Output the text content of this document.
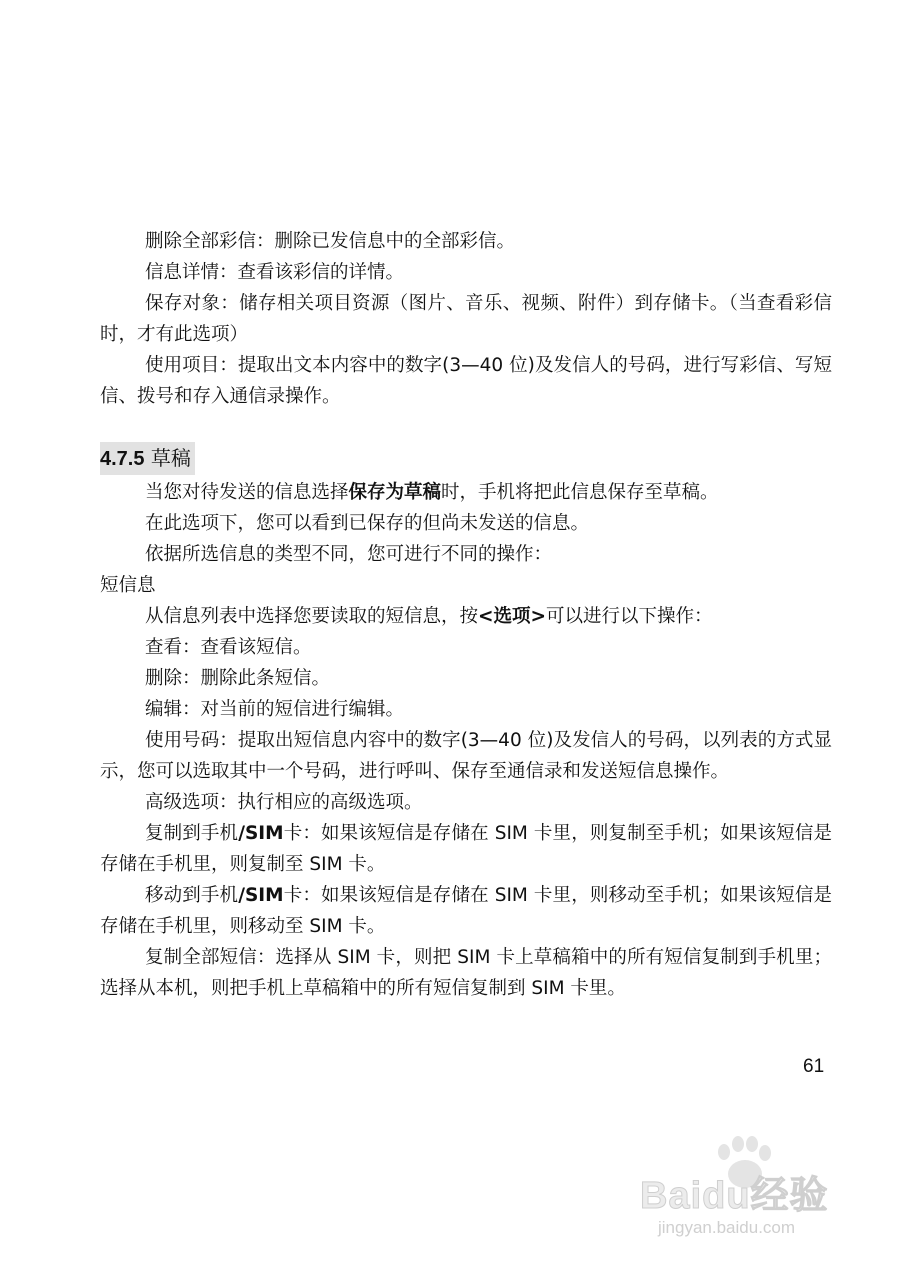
删除全部彩信：删除已发信息中的全部彩信。

信息详情：查看该彩信的详情。

保存对象：储存相关项目资源（图片、音乐、视频、附件）到存储卡。（当查看彩信时，才有此选项）

使用项目：提取出文本内容中的数字(3—40 位)及发信人的号码，进行写彩信、写短信、拨号和存入通信录操作。

4.7.5 草稿

当您对待发送的信息选择保存为草稿时，手机将把此信息保存至草稿。

在此选项下，您可以看到已保存的但尚未发送的信息。

依据所选信息的类型不同，您可进行不同的操作：

短信息

从信息列表中选择您要读取的短信息，按<选项>可以进行以下操作：

查看：查看该短信。

删除：删除此条短信。

编辑：对当前的短信进行编辑。

使用号码：提取出短信息内容中的数字(3—40 位)及发信人的号码，以列表的方式显示，您可以选取其中一个号码，进行呼叫、保存至通信录和发送短信息操作。

高级选项：执行相应的高级选项。

复制到手机/SIM卡：如果该短信是存储在 SIM 卡里，则复制至手机；如果该短信是存储在手机里，则复制至 SIM 卡。

移动到手机/SIM卡：如果该短信是存储在 SIM 卡里，则移动至手机；如果该短信是存储在手机里，则移动至 SIM 卡。

复制全部短信：选择从 SIM 卡，则把 SIM 卡上草稿箱中的所有短信复制到手机里；选择从本机，则把手机上草稿箱中的所有短信复制到 SIM 卡里。

61
Baidu经验
jingyan.baidu.com
